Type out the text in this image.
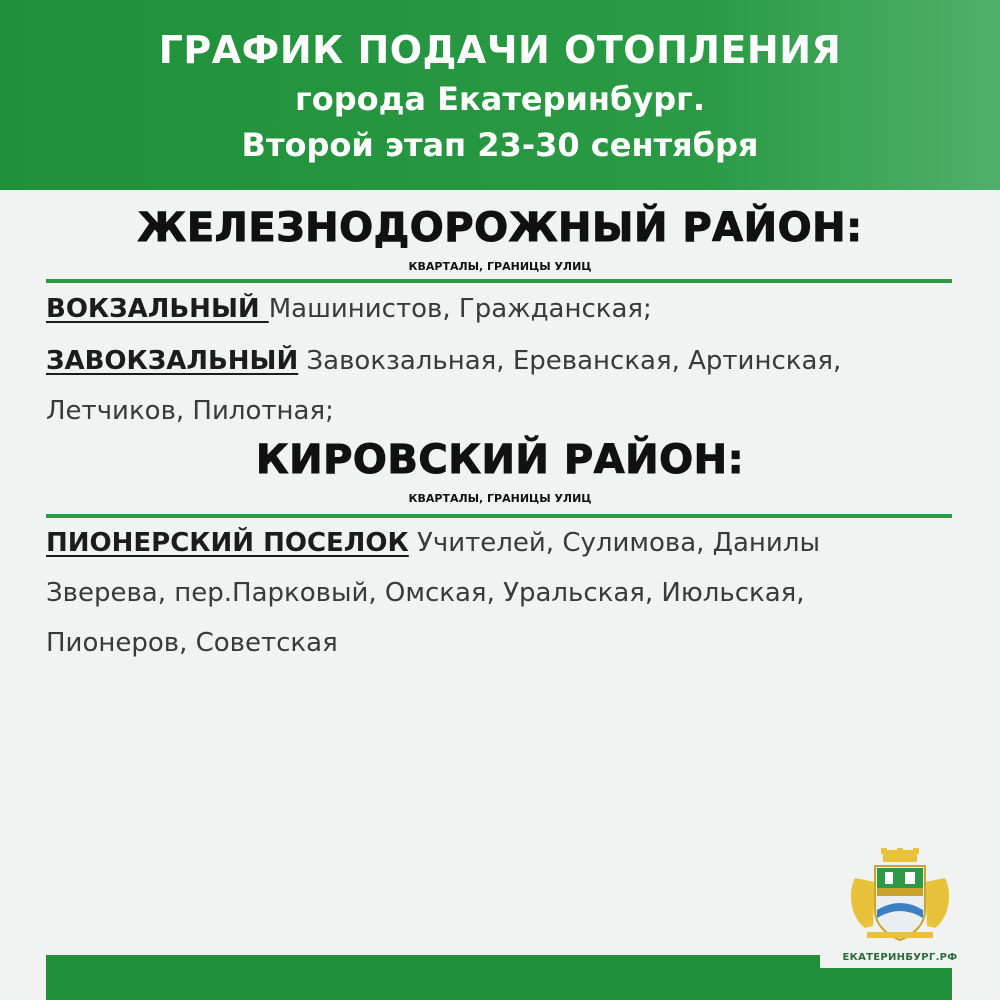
ГРАФИК ПОДАЧИ ОТОПЛЕНИЯ
города Екатеринбург.
Второй этап 23-30 сентября
ЖЕЛЕЗНОДОРОЖНЫЙ РАЙОН:
КВАРТАЛЫ, ГРАНИЦЫ УЛИЦ
ВОКЗАЛЬНЫЙ Машинистов, Гражданская;
ЗАВОКЗАЛЬНЫЙ Завокзальная, Ереванская, Артинская, Летчиков, Пилотная;
КИРОВСКИЙ РАЙОН:
КВАРТАЛЫ, ГРАНИЦЫ УЛИЦ
ПИОНЕРСКИЙ ПОСЕЛОК Учителей, Сулимова, Данилы Зверева, пер.Парковый, Омская, Уральская, Июльская, Пионеров, Советская
ЕКАТЕРИНБУРГ.РФ
